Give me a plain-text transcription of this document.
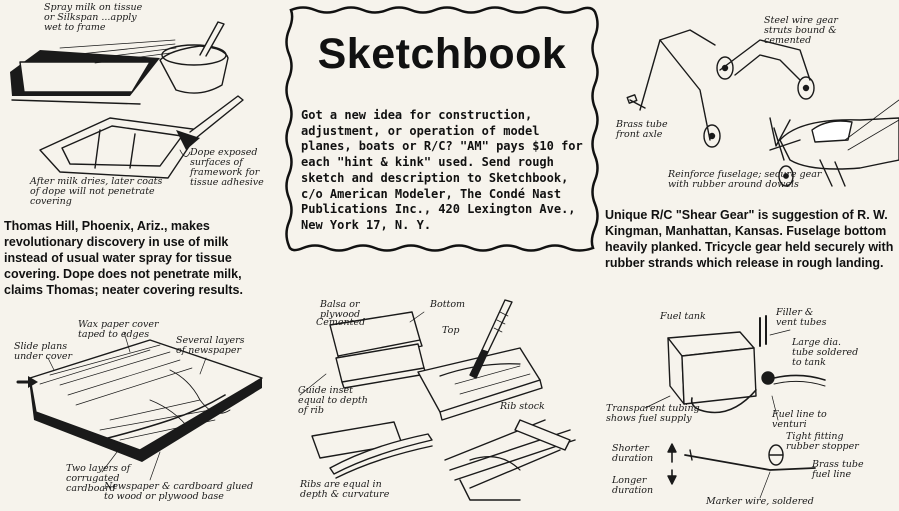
Sketchbook
Got a new idea for construction, adjustment, or operation of model planes, boats or R/C? "AM" pays $10 for each "hint & kink" used. Send rough sketch and description to Sketchbook, c/o American Modeler, The Condé Nast Publications Inc., 420 Lexington Ave., New York 17, N. Y.
Spray milk on tissue or Silkspan ...apply wet to frame
Dope exposed surfaces of framework for tissue adhesive
After milk dries, later coats of dope will not penetrate covering
Thomas Hill, Phoenix, Ariz., makes revolutionary discovery in use of milk instead of usual water spray for tissue covering. Dope does not penetrate milk, claims Thomas; neater covering results.
Steel wire gear struts bound & cemented
Brass tube front axle
Reinforce fuselage; secure gear with rubber around dowels
Unique R/C "Shear Gear" is suggestion of R. W. Kingman, Manhattan, Kansas. Fuselage bottom heavily planked. Tricycle gear held securely with rubber strands which release in rough landing.
Slide plans under cover
Wax paper cover taped to edges
Several layers of newspaper
Two layers of corrugated cardboard
Newspaper & cardboard glued to wood or plywood base
Balsa or plywood
Bottom
Cemented
Top
Guide inset equal to depth of rib	Rib stock
Ribs are equal in depth & curvature
Fuel tank	Filler & vent tubes
Large dia. tube soldered to tank
Transparent tubing shows fuel supply	Fuel line to venturi
Tight fitting rubber stopper
Shorter duration
Longer duration
Brass tube fuel line
Marker wire, soldered
